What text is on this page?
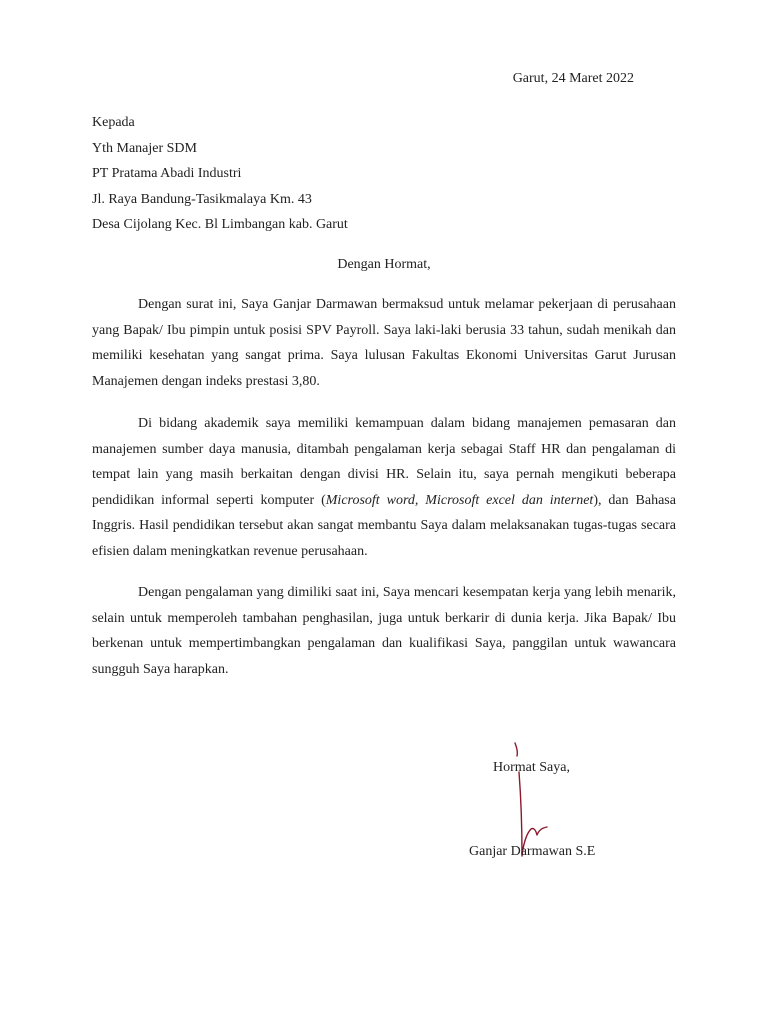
Garut, 24 Maret 2022
Kepada
Yth Manajer SDM
PT Pratama Abadi Industri
Jl. Raya Bandung-Tasikmalaya Km. 43
Desa Cijolang Kec. Bl Limbangan kab. Garut
Dengan Hormat,

Dengan surat ini, Saya Ganjar Darmawan bermaksud untuk melamar pekerjaan di perusahaan yang Bapak/ Ibu pimpin untuk posisi SPV Payroll. Saya laki-laki berusia 33 tahun, sudah menikah dan memiliki kesehatan yang sangat prima. Saya lulusan Fakultas Ekonomi Universitas Garut Jurusan Manajemen dengan indeks prestasi 3,80.

Di bidang akademik saya memiliki kemampuan dalam bidang manajemen pemasaran dan manajemen sumber daya manusia, ditambah pengalaman kerja sebagai Staff HR dan pengalaman di tempat lain yang masih berkaitan dengan divisi HR. Selain itu, saya pernah mengikuti beberapa pendidikan informal seperti komputer (Microsoft word, Microsoft excel dan internet), dan Bahasa Inggris. Hasil pendidikan tersebut akan sangat membantu Saya dalam melaksanakan tugas-tugas secara efisien dalam meningkatkan revenue perusahaan.

Dengan pengalaman yang dimiliki saat ini, Saya mencari kesempatan kerja yang lebih menarik, selain untuk memperoleh tambahan penghasilan, juga untuk berkarir di dunia kerja. Jika Bapak/ Ibu berkenan untuk mempertimbangkan pengalaman dan kualifikasi Saya, panggilan untuk wawancara sungguh Saya harapkan.

Hormat Saya,
Ganjar Darmawan S.E
